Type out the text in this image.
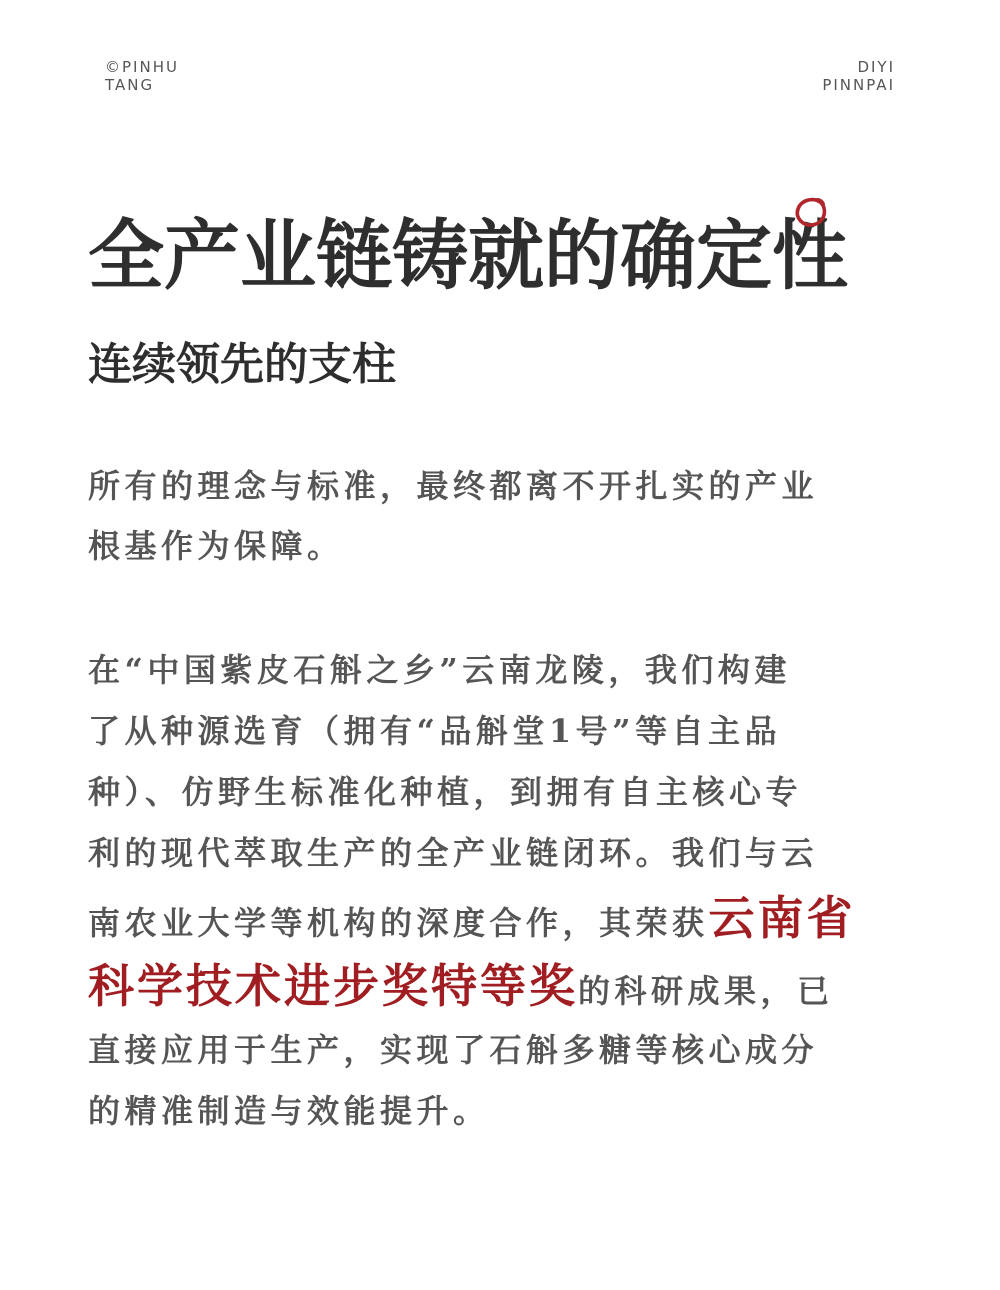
©PINHU
TANG
DIYI
PINNPAI
全产业链铸就的确定性
连续领先的支柱

所有的理念与标准，最终都离不开扎实的产业
根基作为保障。

在“中国紫皮石斛之乡”云南龙陵，我们构建
了从种源选育（拥有“品斛堂1号”等自主品
种）、仿野生标准化种植，到拥有自主核心专
利的现代萃取生产的全产业链闭环。我们与云
南农业大学等机构的深度合作，其荣获云南省
科学技术进步奖特等奖的科研成果，已
直接应用于生产，实现了石斛多糖等核心成分
的精准制造与效能提升。
